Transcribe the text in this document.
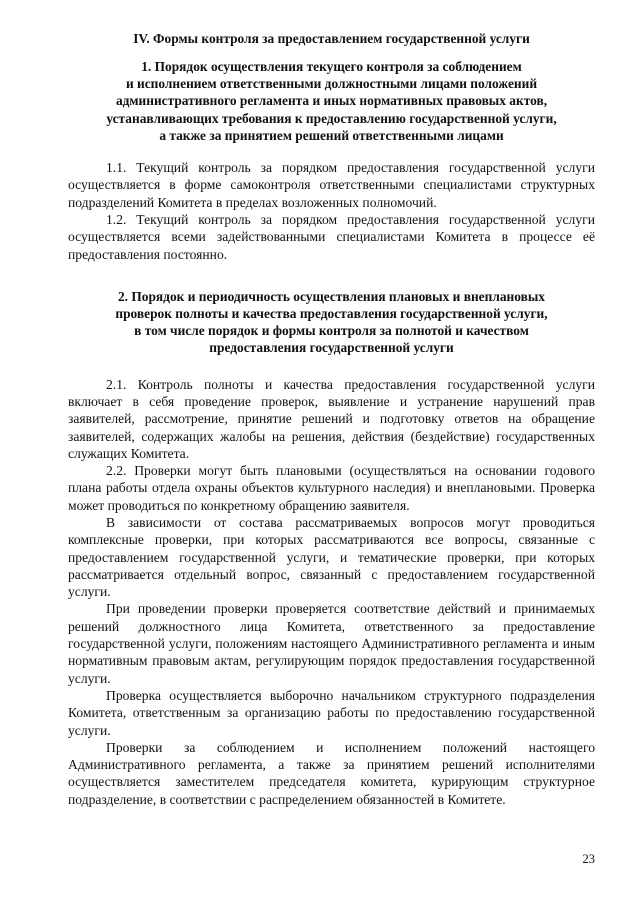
IV. Формы контроля за предоставлением государственной услуги
1. Порядок осуществления текущего контроля за соблюдением
и исполнением ответственными должностными лицами положений
административного регламента и иных нормативных правовых актов,
устанавливающих требования к предоставлению государственной услуги,
а также за принятием решений ответственными лицами

1.1. Текущий контроль за порядком предоставления государственной услуги осуществляется в форме самоконтроля ответственными специалистами структурных подразделений Комитета в пределах возложенных полномочий.

1.2. Текущий контроль за порядком предоставления государственной услуги осуществляется всеми задействованными специалистами Комитета в процессе её предоставления постоянно.

2. Порядок и периодичность осуществления плановых и внеплановых
проверок полноты и качества предоставления государственной услуги,
в том числе порядок и формы контроля за полнотой и качеством
предоставления государственной услуги

2.1. Контроль полноты и качества предоставления государственной услуги включает в себя проведение проверок, выявление и устранение нарушений прав заявителей, рассмотрение, принятие решений и подготовку ответов на обращение заявителей, содержащих жалобы на решения, действия (бездействие) государственных служащих Комитета.

2.2. Проверки могут быть плановыми (осуществляться на основании годового плана работы отдела охраны объектов культурного наследия) и внеплановыми. Проверка может проводиться по конкретному обращению заявителя.

В зависимости от состава рассматриваемых вопросов могут проводиться комплексные проверки, при которых рассматриваются все вопросы, связанные с предоставлением государственной услуги, и тематические проверки, при которых рассматривается отдельный вопрос, связанный с предоставлением государственной услуги.

При проведении проверки проверяется соответствие действий и принимаемых решений должностного лица Комитета, ответственного за предоставление государственной услуги, положениям настоящего Административного регламента и иным нормативным правовым актам, регулирующим порядок предоставления государственной услуги.

Проверка осуществляется выборочно начальником структурного подразделения Комитета, ответственным за организацию работы по предоставлению государственной услуги.

Проверки за соблюдением и исполнением положений настоящего Административного регламента, а также за принятием решений исполнителями осуществляется заместителем председателя комитета, курирующим структурное подразделение, в соответствии с распределением обязанностей в Комитете.

23
